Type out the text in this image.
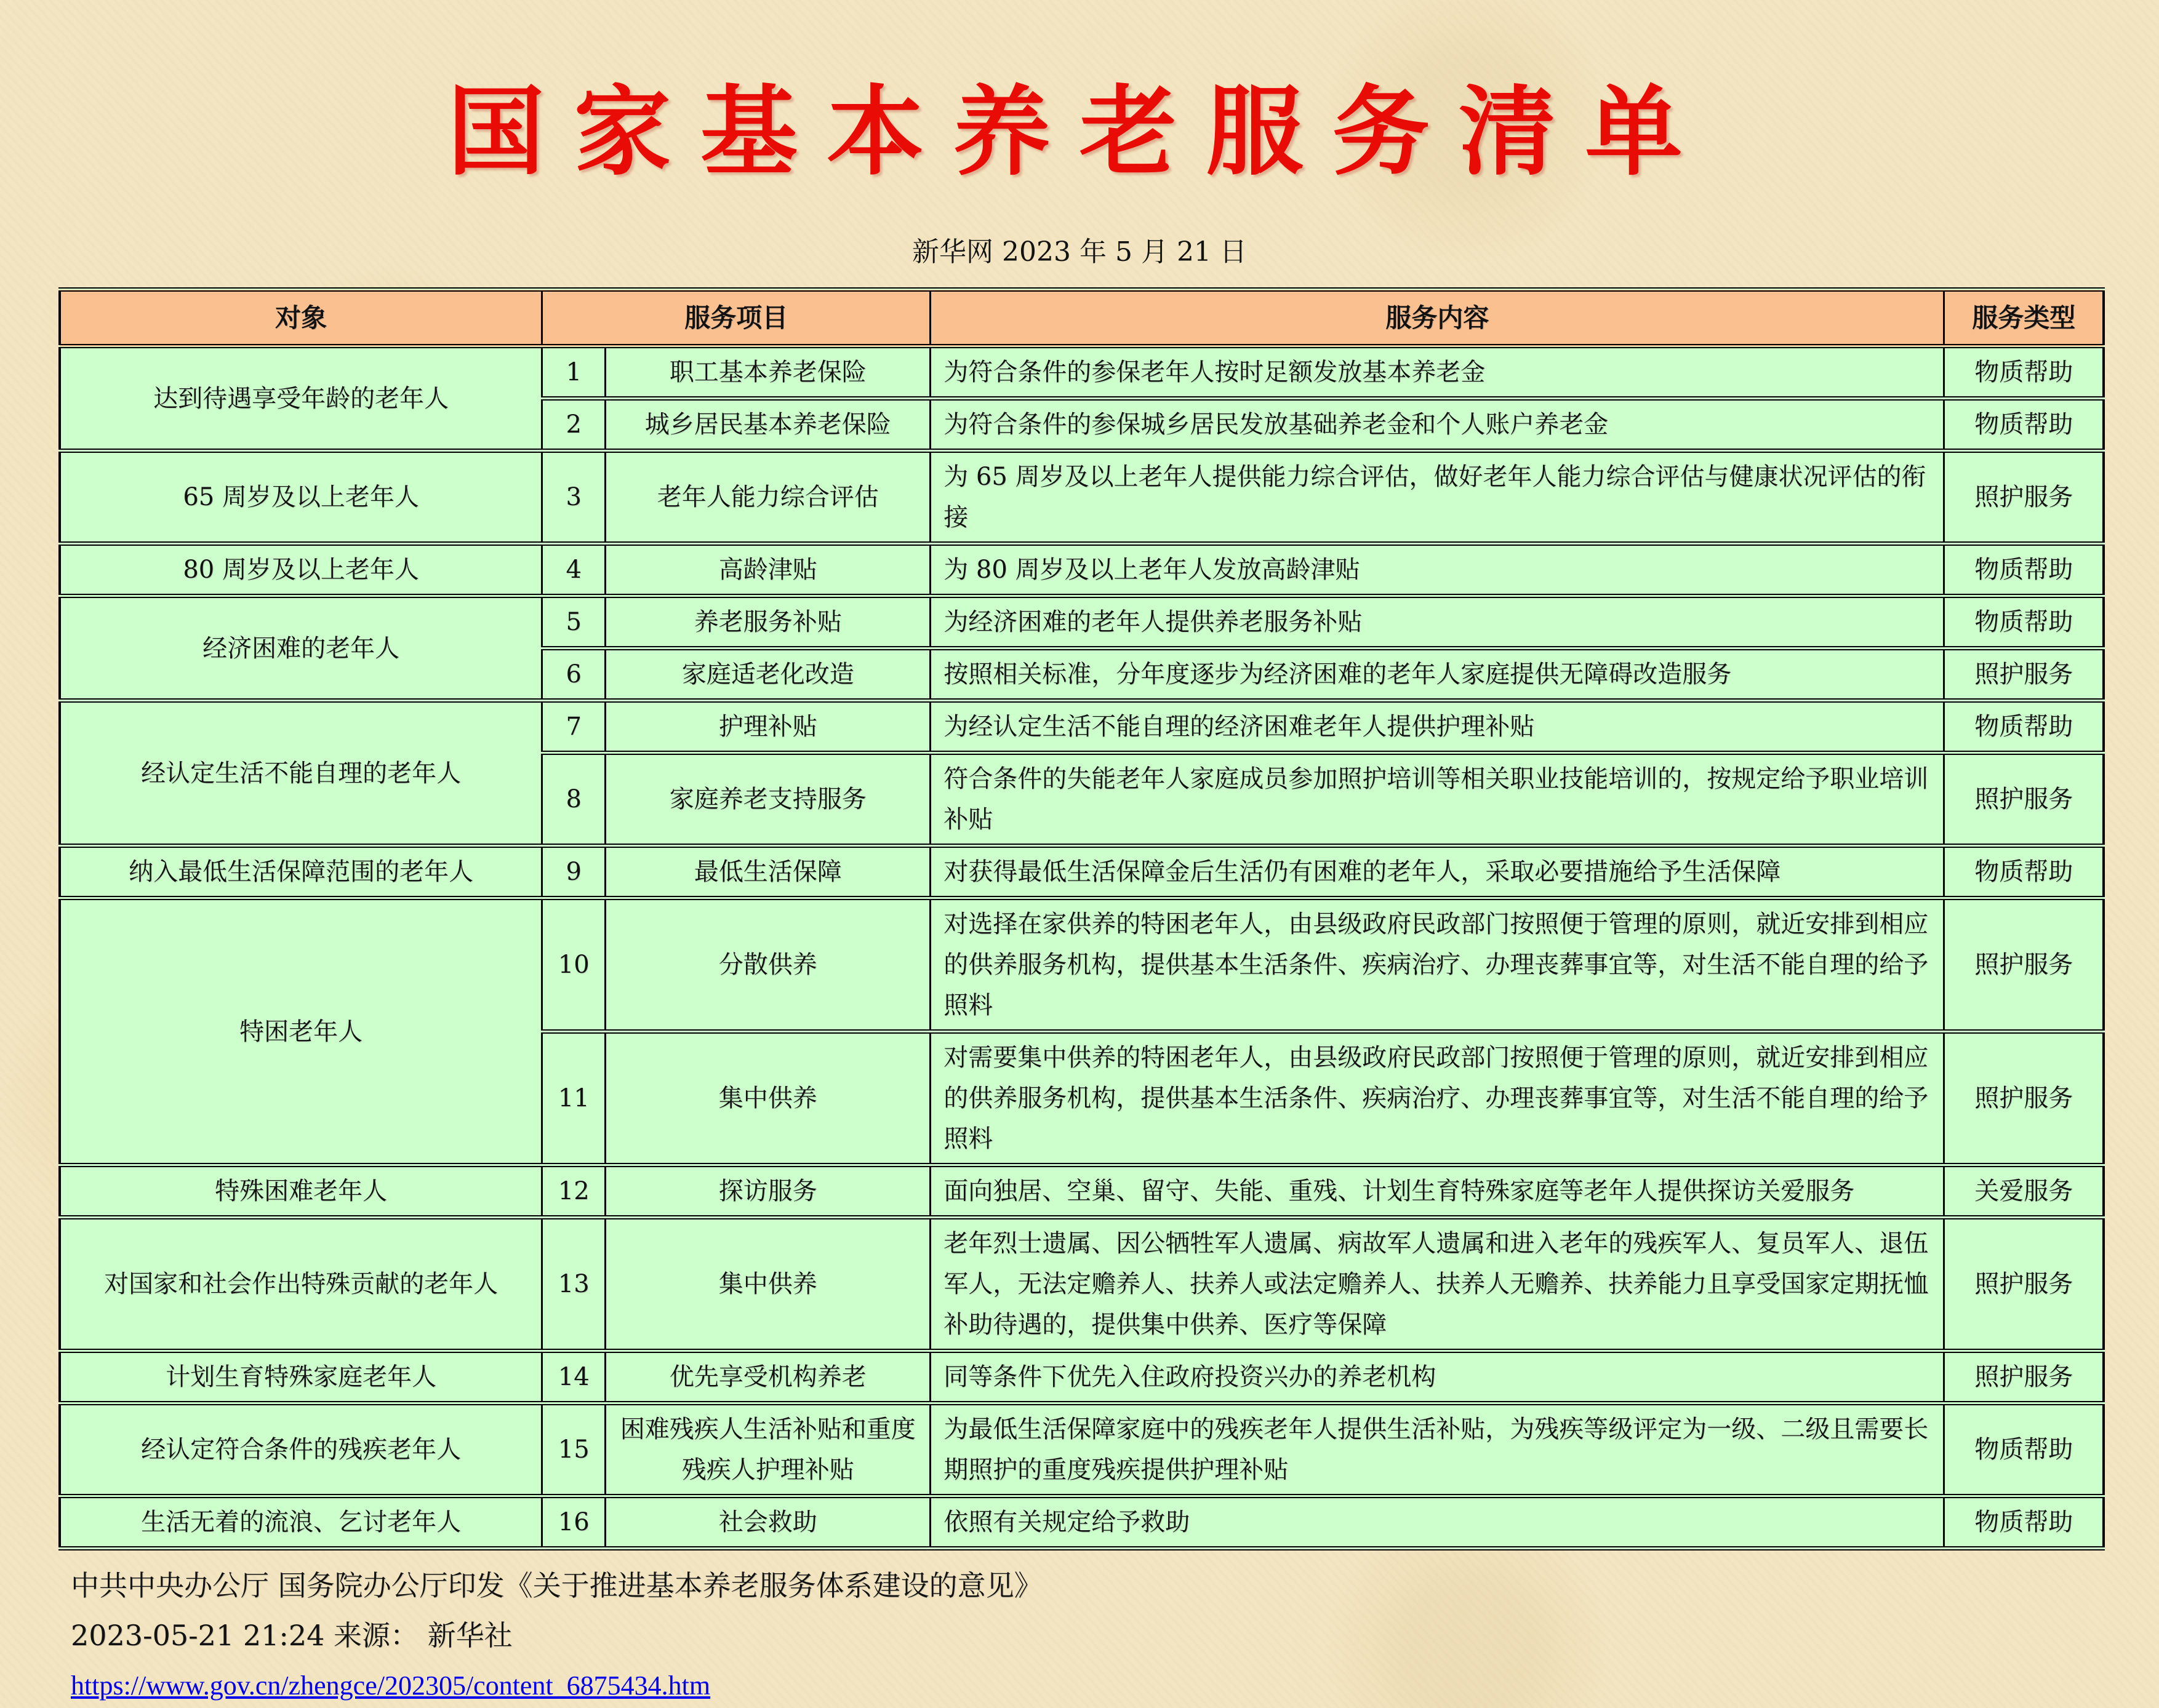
国家基本养老服务清单
新华网 2023 年 5 月 21 日
对象	服务项目		服务内容	服务类型
达到待遇享受年龄的老年人	1	职工基本养老保险	为符合条件的参保老年人按时足额发放基本养老金	物质帮助
	2	城乡居民基本养老保险	为符合条件的参保城乡居民发放基础养老金和个人账户养老金	物质帮助
65 周岁及以上老年人	3	老年人能力综合评估	为 65 周岁及以上老年人提供能力综合评估，做好老年人能力综合评估与健康状况评估的衔接	照护服务
80 周岁及以上老年人	4	高龄津贴	为 80 周岁及以上老年人发放高龄津贴	物质帮助
经济困难的老年人	5	养老服务补贴	为经济困难的老年人提供养老服务补贴	物质帮助
	6	家庭适老化改造	按照相关标准，分年度逐步为经济困难的老年人家庭提供无障碍改造服务	照护服务
经认定生活不能自理的老年人	7	护理补贴	为经认定生活不能自理的经济困难老年人提供护理补贴	物质帮助
	8	家庭养老支持服务	符合条件的失能老年人家庭成员参加照护培训等相关职业技能培训的，按规定给予职业培训补贴	照护服务
纳入最低生活保障范围的老年人	9	最低生活保障	对获得最低生活保障金后生活仍有困难的老年人，采取必要措施给予生活保障	物质帮助
特困老年人	10	分散供养	对选择在家供养的特困老年人，由县级政府民政部门按照便于管理的原则，就近安排到相应的供养服务机构，提供基本生活条件、疾病治疗、办理丧葬事宜等，对生活不能自理的给予照料	照护服务
	11	集中供养	对需要集中供养的特困老年人，由县级政府民政部门按照便于管理的原则，就近安排到相应的供养服务机构，提供基本生活条件、疾病治疗、办理丧葬事宜等，对生活不能自理的给予照料	照护服务
特殊困难老年人	12	探访服务	面向独居、空巢、留守、失能、重残、计划生育特殊家庭等老年人提供探访关爱服务	关爱服务
对国家和社会作出特殊贡献的老年人	13	集中供养	老年烈士遗属、因公牺牲军人遗属、病故军人遗属和进入老年的残疾军人、复员军人、退伍军人，无法定赡养人、扶养人或法定赡养人、扶养人无赡养、扶养能力且享受国家定期抚恤补助待遇的，提供集中供养、医疗等保障	照护服务
计划生育特殊家庭老年人	14	优先享受机构养老	同等条件下优先入住政府投资兴办的养老机构	照护服务
经认定符合条件的残疾老年人	15	困难残疾人生活补贴和重度残疾人护理补贴	为最低生活保障家庭中的残疾老年人提供生活补贴，为残疾等级评定为一级、二级且需要长期照护的重度残疾提供护理补贴	物质帮助
生活无着的流浪、乞讨老年人	16	社会救助	依照有关规定给予救助	物质帮助
中共中央办公厅 国务院办公厅印发《关于推进基本养老服务体系建设的意见》
2023-05-21 21:24 来源： 新华社
https://www.gov.cn/zhengce/202305/content_6875434.htm
